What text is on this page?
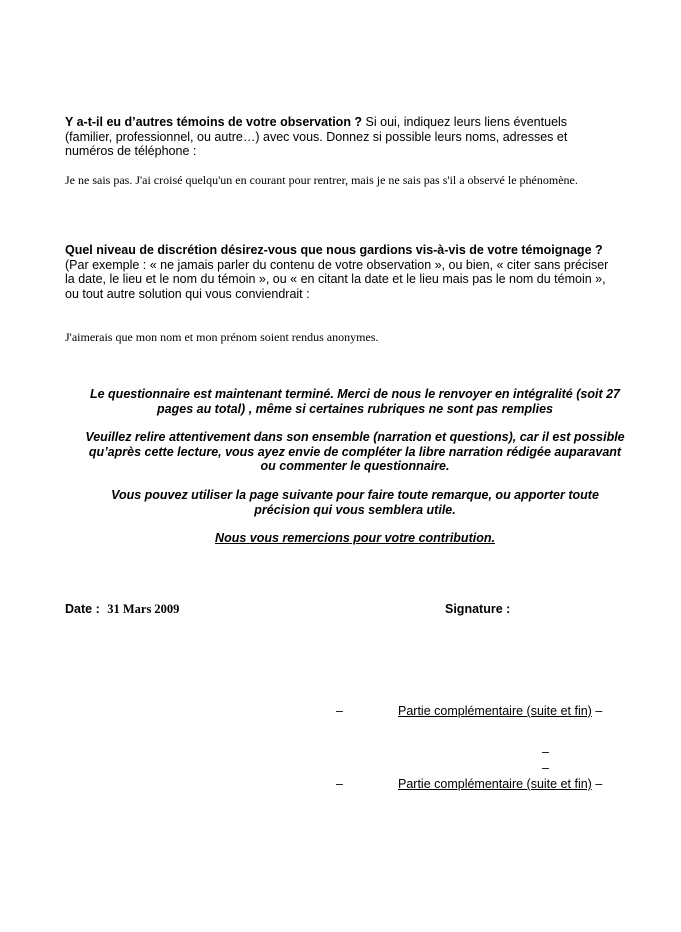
Y a-t-il eu d’autres témoins de votre observation ? Si oui, indiquez leurs liens éventuels (familier, professionnel, ou autre…) avec vous. Donnez si possible leurs noms, adresses et numéros de téléphone :
Je ne sais pas. J'ai croisé quelqu'un en courant pour rentrer, mais je ne sais pas s'il a observé le phénomène.
Quel niveau de discrétion désirez-vous que nous gardions vis-à-vis de votre témoignage ? (Par exemple : « ne jamais parler du contenu de votre observation », ou bien, « citer sans préciser la date, le lieu et le nom du témoin », ou « en citant la date et le lieu mais pas le nom du témoin », ou tout autre solution qui vous conviendrait :
J'aimerais que mon nom et mon prénom soient rendus anonymes.
Le questionnaire est maintenant terminé. Merci de nous le renvoyer en intégralité (soit 27 pages au total) , même si certaines rubriques ne sont pas remplies
Veuillez relire attentivement dans son ensemble (narration et questions), car il est possible qu’après cette lecture, vous ayez envie de compléter la libre narration rédigée auparavant ou commenter le questionnaire.
Vous pouvez utiliser la page suivante pour faire toute remarque, ou apporter toute précision qui vous semblera utile.
Nous vous remercions pour votre contribution.
Date : 31 Mars 2009	Signature :
–	Partie complémentaire (suite et fin) –
–
–
–	Partie complémentaire (suite et fin) –
